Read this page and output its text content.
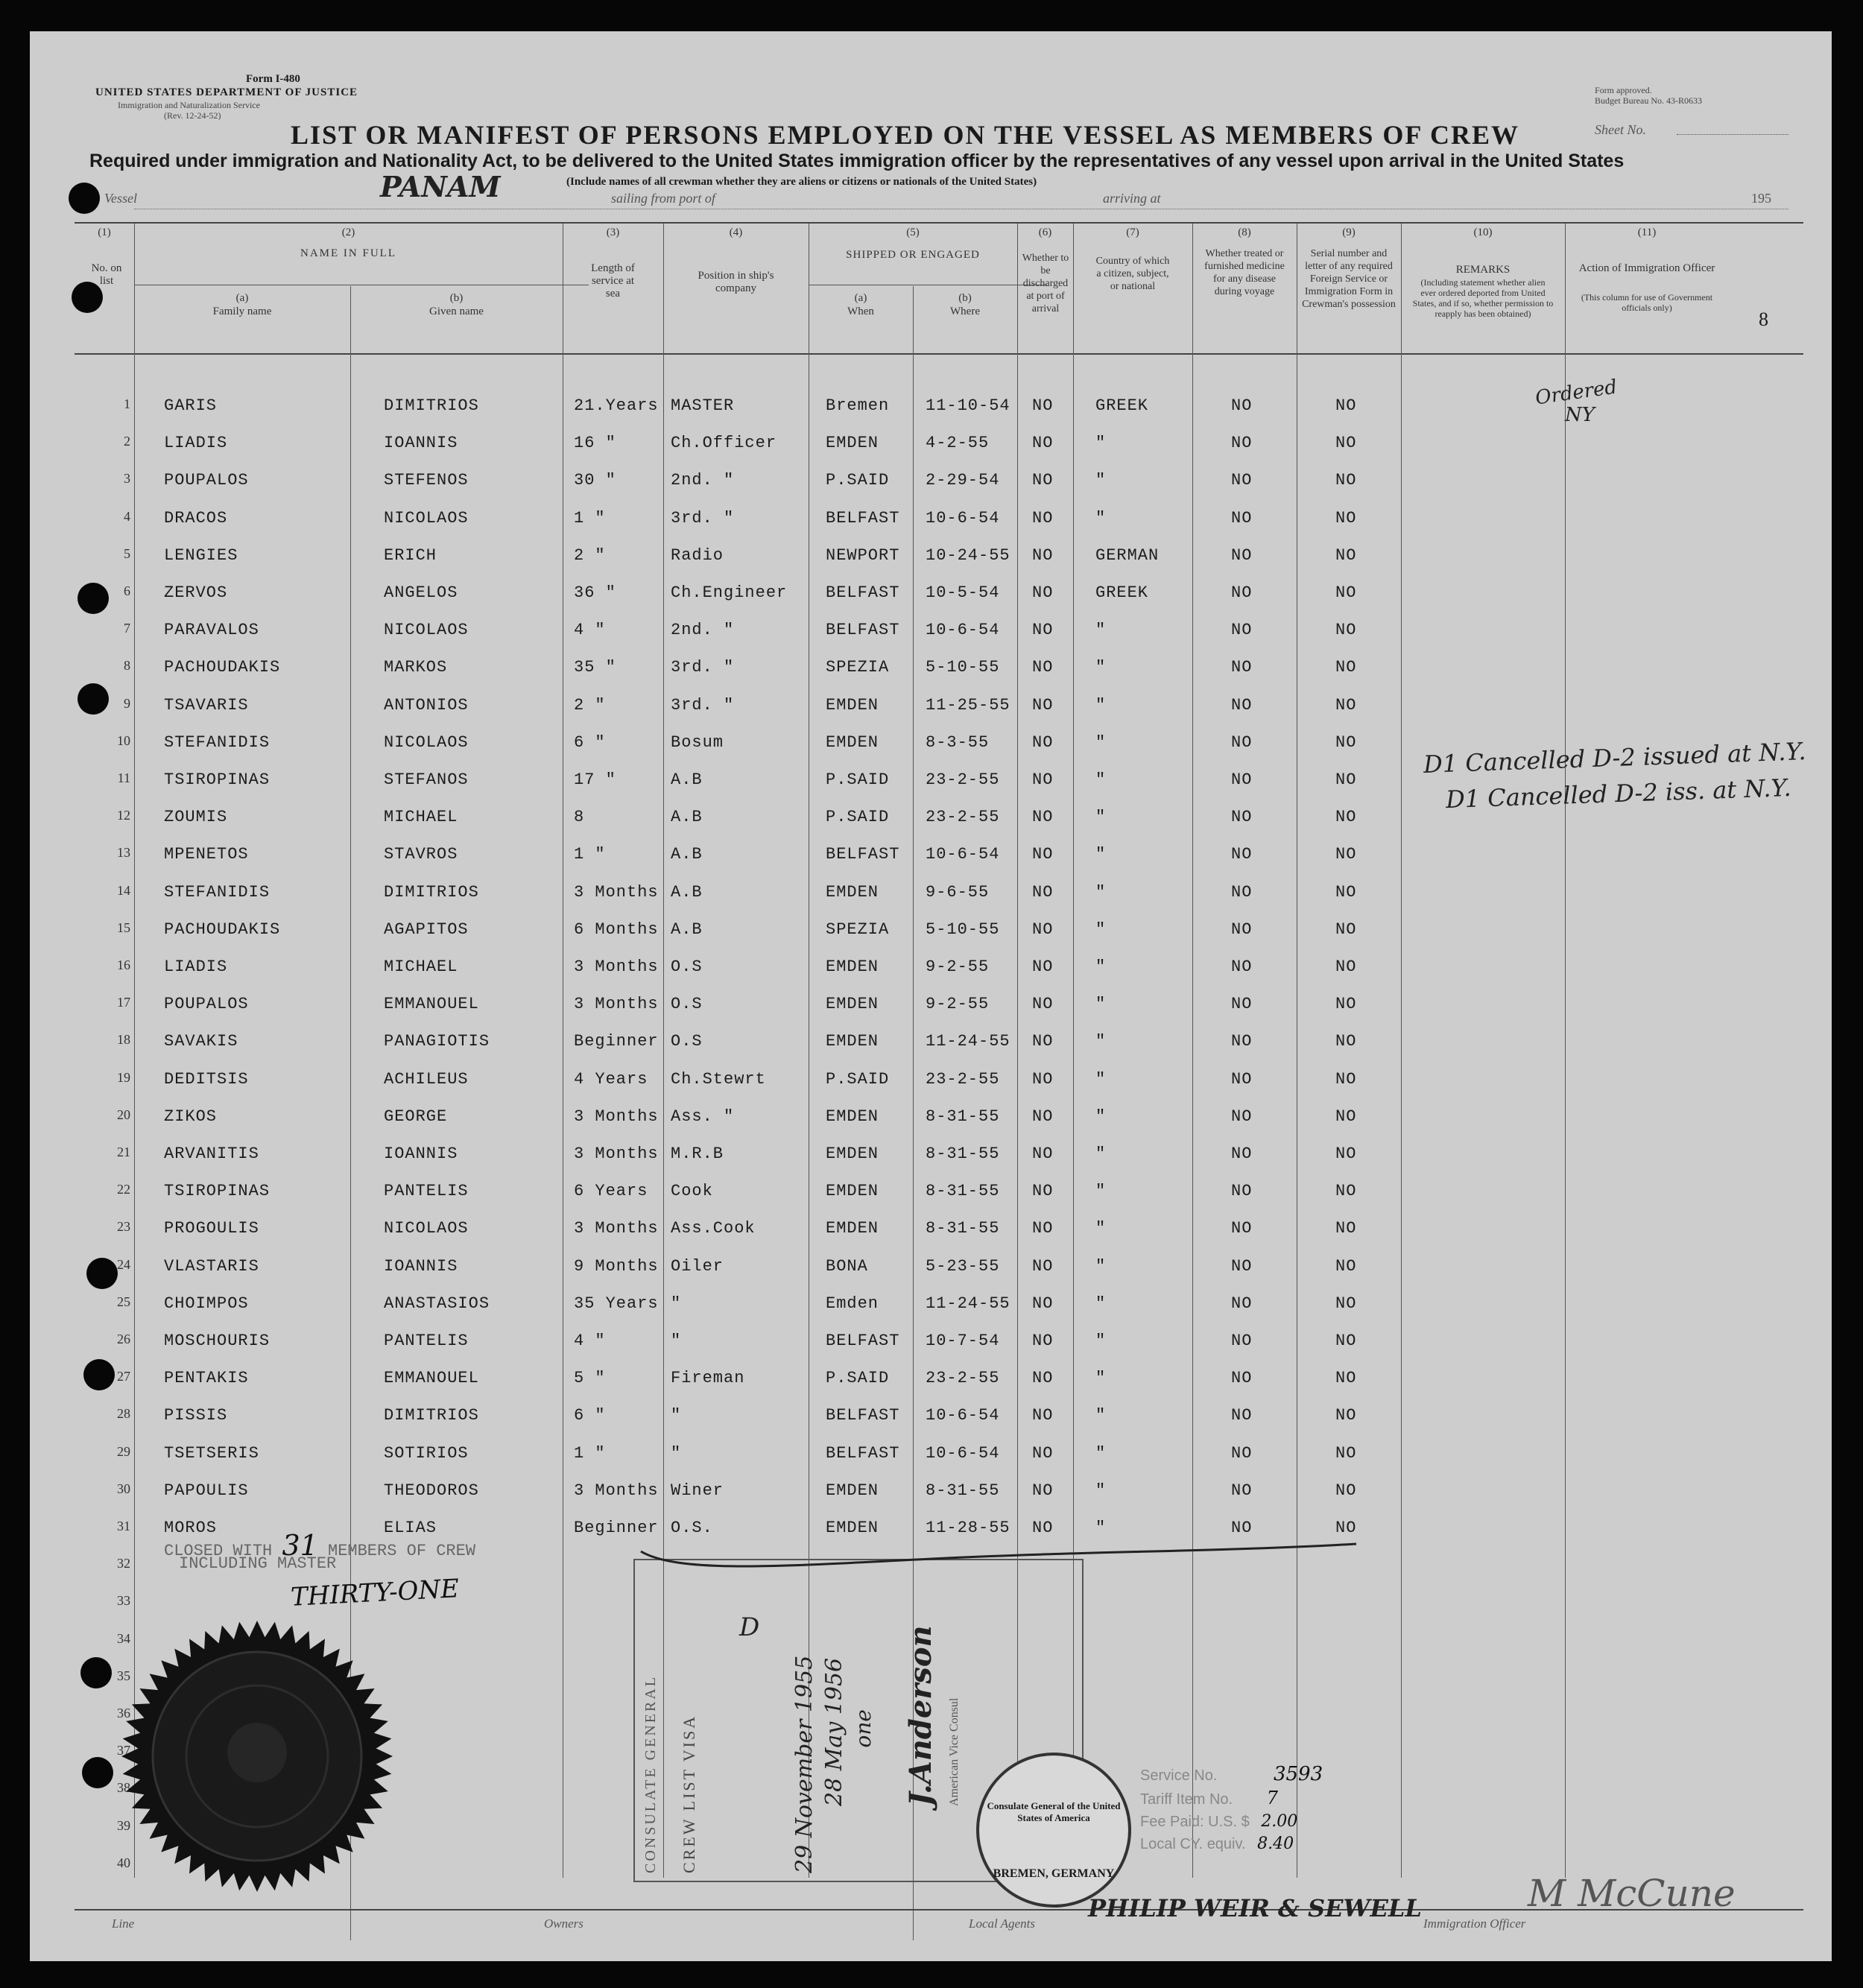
Form I-480
UNITED STATES DEPARTMENT OF JUSTICE
Immigration and Naturalization Service
(Rev. 12-24-52)
Form approved.
Budget Bureau No. 43-R0633
Sheet No.
LIST OR MANIFEST OF PERSONS EMPLOYED ON THE VESSEL AS MEMBERS OF CREW
Required under immigration and Nationality Act, to be delivered to the United States immigration officer by the representatives of any vessel upon arrival in the United States
(Include names of all crewman whether they are aliens or citizens or nationals of the United States)
Vessel	PANAM	sailing from port of	arriving at	195
(1)
No. on list
(2)
NAME IN FULL
(a)
Family name
(b)
Given name
(3)
Length of service at sea
(4)
Position in ship's company
(5)
SHIPPED OR ENGAGED
(a)
When
(b)
Where
(6)
Whether to be discharged at port of arrival
(7)
Country of which a citizen, subject, or national
(8)
Whether treated or furnished medicine for any disease during voyage
(9)
Serial number and letter of any required Foreign Service or Immigration Form in Crewman's possession
(10)
REMARKS
(Including statement whether alien ever ordered deported from United States, and if so, whether permission to reapply has been obtained)
(11)
Action of Immigration Officer
(This column for use of Government officials only)
8
1 GARIS	DIMITRIOS	21.Years MASTER	Bremen 11-10-54 NO	GREEK	NO	NO
2 LIADIS	IOANNIS	16 "	Ch.Officer	EMDEN	4-2-55	NO	"	NO	NO
3 POUPALOS	STEFENOS	30 "	2nd. "	P.SAID 2-29-54 NO	"	NO	NO
4 DRACOS	NICOLAOS	1 "	3rd. "	BELFAST 10-6-54 NO	"	NO	NO
5 LENGIES	ERICH	2 "	Radio	NEWPORT 10-24-55 NO	GERMAN	NO	NO
6 ZERVOS	ANGELOS	36 "	Ch.Engineer BELFAST 10-5-54 NO	GREEK	NO	NO
7 PARAVALOS	NICOLAOS	4 "	2nd. "	BELFAST 10-6-54 NO	"	NO	NO
8 PACHOUDAKIS	MARKOS	35 "	3rd. "	SPEZIA 5-10-55 NO	"	NO	NO
9 TSAVARIS	ANTONIOS	2 "	3rd. "	EMDEN	11-25-55 NO	"	NO	NO
10 STEFANIDIS	NICOLAOS	6 "	Bosum	EMDEN	8-3-55	NO	"	NO	NO
11 TSIROPINAS	STEFANOS	17 "	A.B	P.SAID 23-2-55 NO	"	NO	NO
12 ZOUMIS	MICHAEL	8	A.B	P.SAID 23-2-55 NO	"	NO	NO
13 MPENETOS	STAVROS	1 "	A.B	BELFAST 10-6-54 NO	"	NO	NO
14 STEFANIDIS	DIMITRIOS	3 Months A.B	EMDEN	9-6-55	NO	"	NO	NO
15 PACHOUDAKIS	AGAPITOS	6 Months A.B	SPEZIA 5-10-55 NO	"	NO	NO
16 LIADIS	MICHAEL	3 Months O.S	EMDEN	9-2-55	NO	"	NO	NO
17 POUPALOS	EMMANOUEL	3 Months O.S	EMDEN	9-2-55	NO	"	NO	NO
18 SAVAKIS	PANAGIOTIS	Beginner O.S	EMDEN	11-24-55 NO	"	NO	NO
19 DEDITSIS	ACHILEUS	4 Years Ch.Stewrt	P.SAID 23-2-55 NO	"	NO	NO
20 ZIKOS	GEORGE	3 Months Ass. "	EMDEN	8-31-55 NO	"	NO	NO
21 ARVANITIS	IOANNIS	3 Months M.R.B	EMDEN	8-31-55 NO	"	NO	NO
22 TSIROPINAS	PANTELIS	6 Years Cook	EMDEN	8-31-55 NO	"	NO	NO
23 PROGOULIS	NICOLAOS	3 Months Ass.Cook	EMDEN	8-31-55 NO	"	NO	NO
24 VLASTARIS	IOANNIS	9 Months Oiler	BONA	5-23-55 NO	"	NO	NO
25 CHOIMPOS	ANASTASIOS	35 Years "	Emden	11-24-55 NO	"	NO	NO
26 MOSCHOURIS	PANTELIS	4 "	"	BELFAST 10-7-54 NO	"	NO	NO
27 PENTAKIS	EMMANOUEL	5 "	Fireman	P.SAID 23-2-55 NO	"	NO	NO
28 PISSIS	DIMITRIOS	6 "	"	BELFAST 10-6-54 NO	"	NO	NO
29 TSETSERIS	SOTIRIOS	1 "	"	BELFAST 10-6-54 NO	"	NO	NO
30 PAPOULIS	THEODOROS	3 Months Winer	EMDEN	8-31-55 NO	"	NO	NO
31 MOROS	ELIAS	Beginner O.S.	EMDEN	11-28-55 NO	"	NO	NO
32
33
34
35
36
37
38
39
40
Ordered
NY
D1 Cancelled D-2 issued at N.Y.
D1 Cancelled D-2 iss. at N.Y.
CLOSED WITH 31 MEMBERS OF CREW
INCLUDING MASTER
THIRTY-ONE
CONSULATE GENERAL	CREW LIST VISA
D
29 November 1955 28 May 1956 one J.Anderson American Vice Consul	Consulate General of the United States of America
BREMEN, GERMANY
Service No.	3593
Tariff Item No. 7
Fee Paid: U.S. $ 2.00
Local CY. equiv. 8.40
Line	Owners	Local Agents
PHILIP WEIR & SEWELL
Immigration Officer
M McCune
